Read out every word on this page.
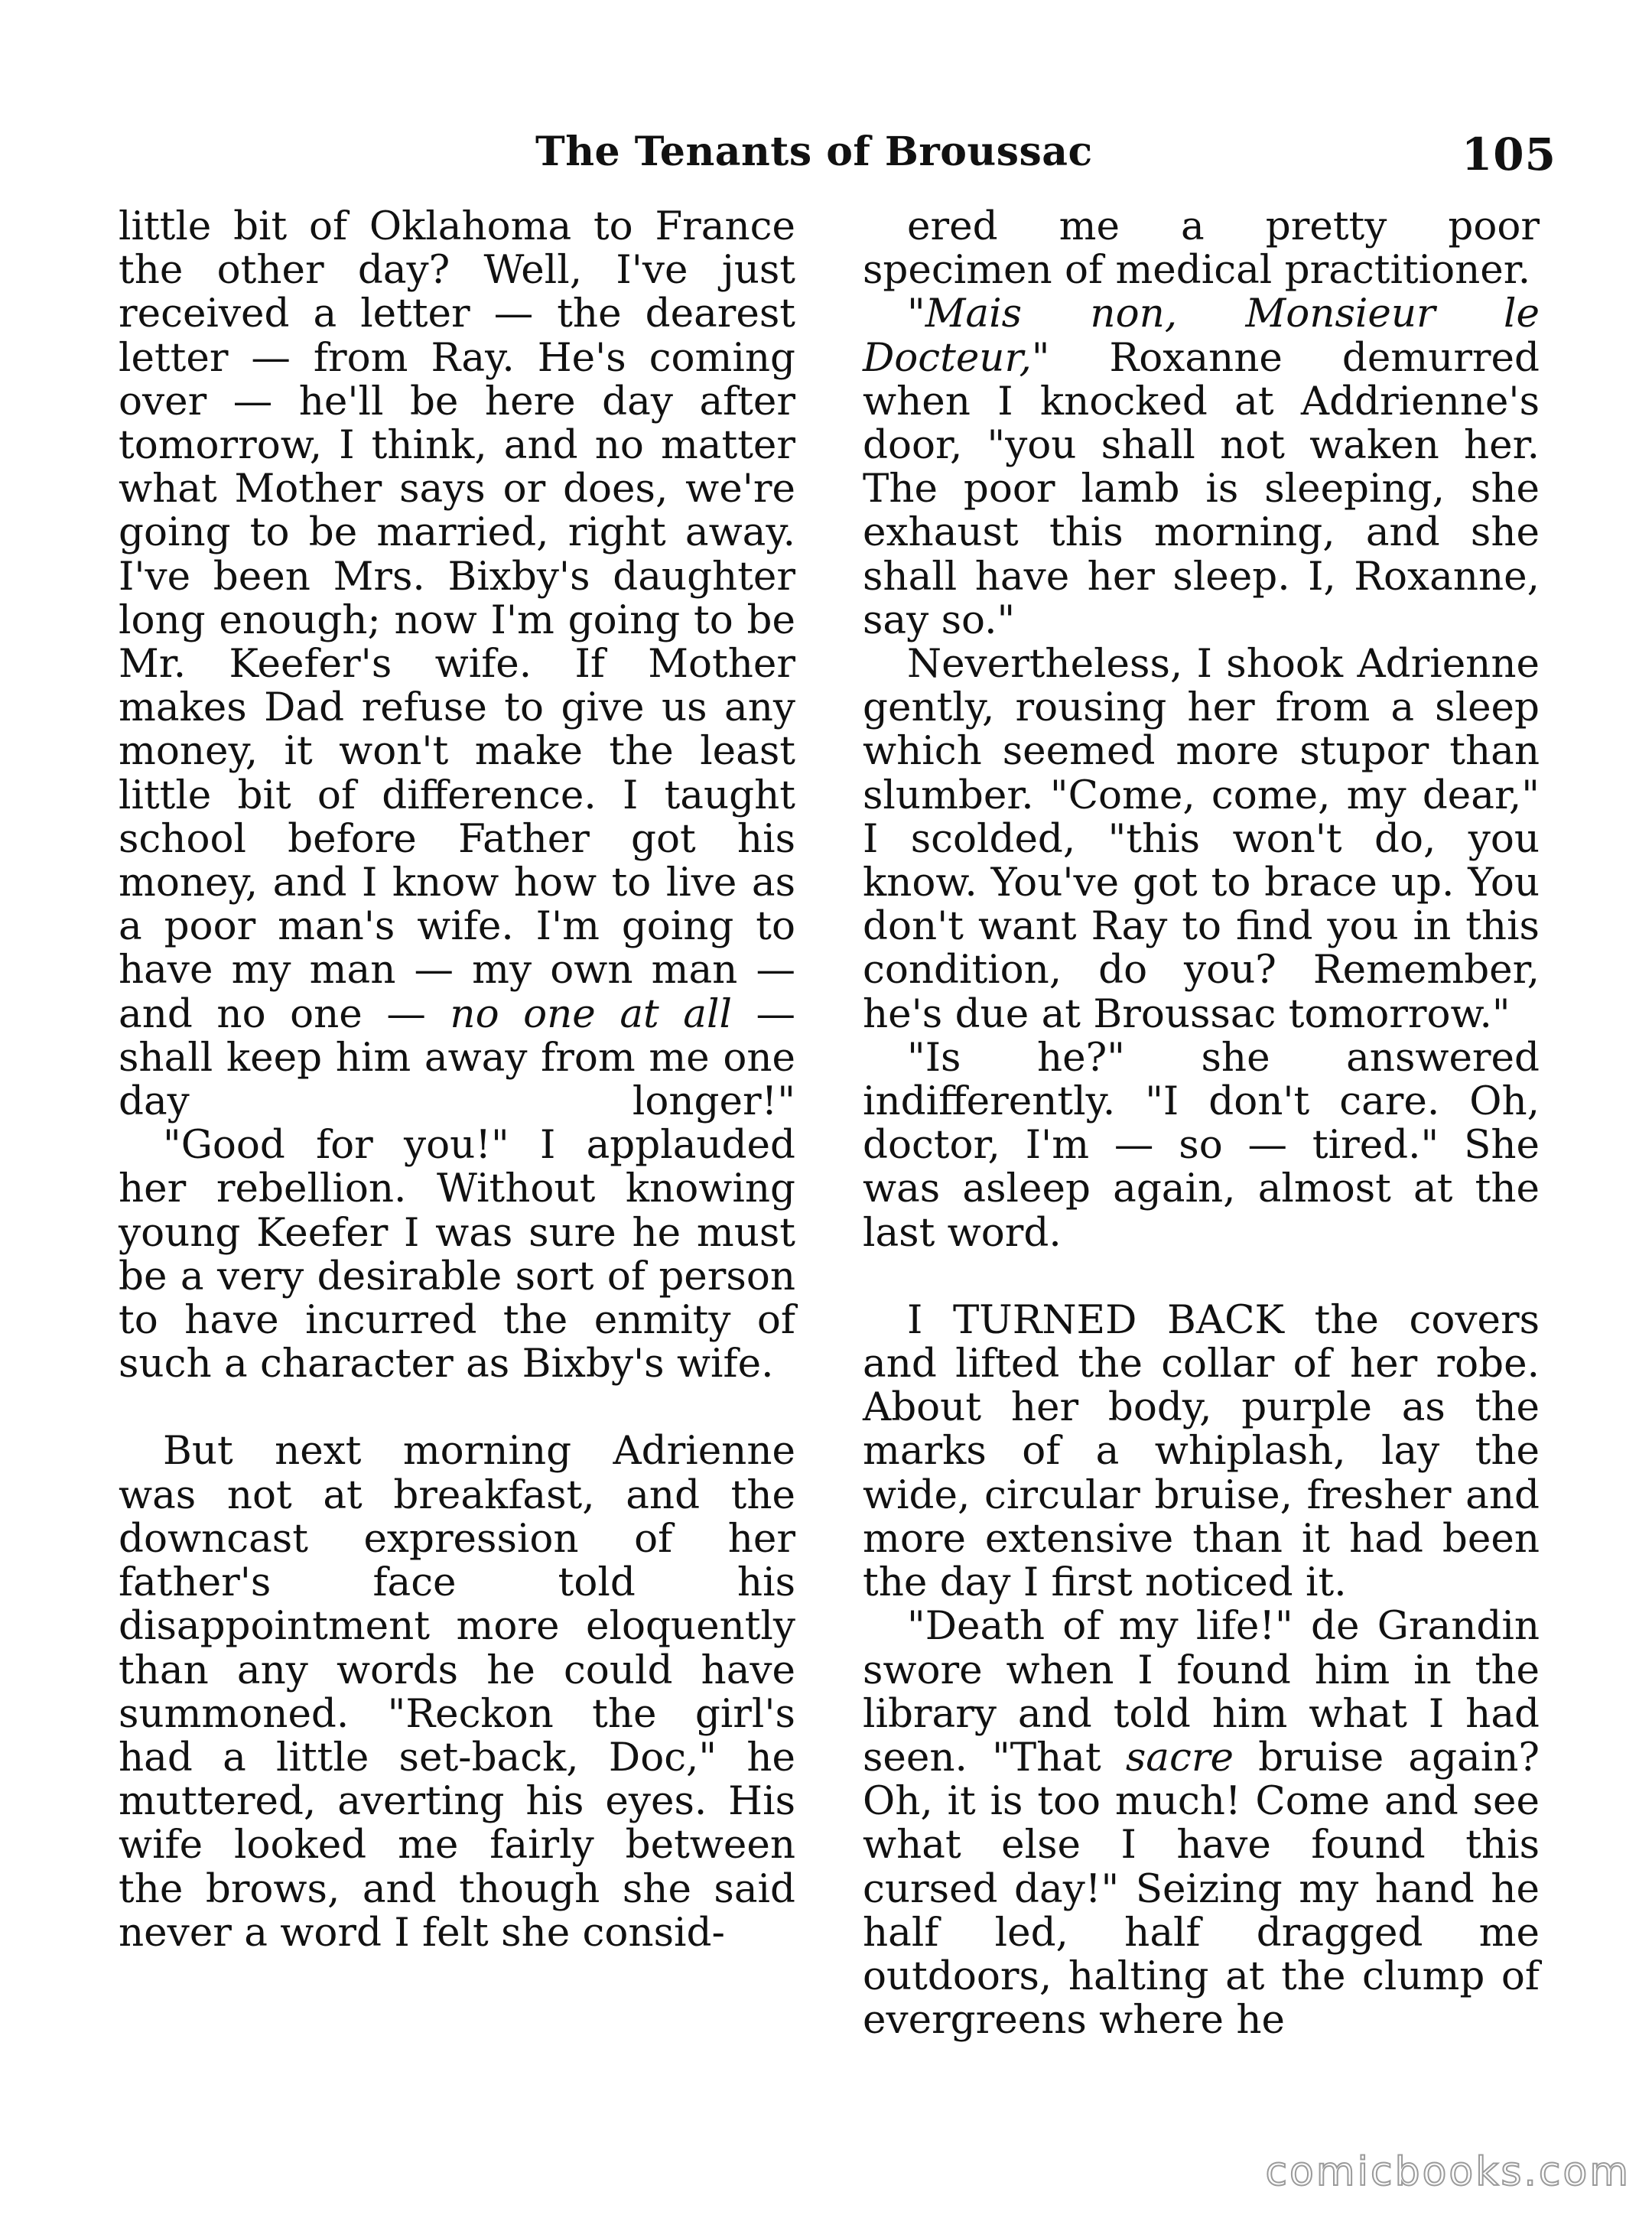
The Tenants of Broussac	105

little bit of Oklahoma to France the other day? Well, I've just received a letter — the dearest letter — from Ray. He's coming over — he'll be here day after tomorrow, I think, and no matter what Mother says or does, we're going to be married, right away. I've been Mrs. Bixby's daughter long enough; now I'm going to be Mr. Keefer's wife. If Mother makes Dad refuse to give us any money, it won't make the least little bit of difference. I taught school before Father got his money, and I know how to live as a poor man's wife. I'm going to have my man — my own man — and no one — no one at all — shall keep him away from me one day longer!"

"Good for you!" I applauded her rebellion. Without knowing young Keefer I was sure he must be a very desirable sort of person to have incurred the enmity of such a character as Bixby's wife.

But next morning Adrienne was not at breakfast, and the downcast expression of her father's face told his disappointment more eloquently than any words he could have summoned. "Reckon the girl's had a little set-back, Doc," he muttered, averting his eyes. His wife looked me fairly between the brows, and though she said never a word I felt she consid-

ered me a pretty poor specimen of medical practitioner.

"Mais non, Monsieur le Docteur," Roxanne demurred when I knocked at Addrienne's door, "you shall not waken her. The poor lamb is sleeping, she exhaust this morning, and she shall have her sleep. I, Roxanne, say so."

Nevertheless, I shook Adrienne gently, rousing her from a sleep which seemed more stupor than slumber. "Come, come, my dear," I scolded, "this won't do, you know. You've got to brace up. You don't want Ray to find you in this condition, do you? Remember, he's due at Broussac tomorrow."

"Is he?" she answered indifferently. "I don't care. Oh, doctor, I'm — so — tired." She was asleep again, almost at the last word.

I TURNED BACK the covers and lifted the collar of her robe. About her body, purple as the marks of a whiplash, lay the wide, circular bruise, fresher and more extensive than it had been the day I first noticed it.

"Death of my life!" de Grandin swore when I found him in the library and told him what I had seen. "That sacre bruise again? Oh, it is too much! Come and see what else I have found this cursed day!" Seizing my hand he half led, half dragged me outdoors, halting at the clump of evergreens where he

comicbooks.com
